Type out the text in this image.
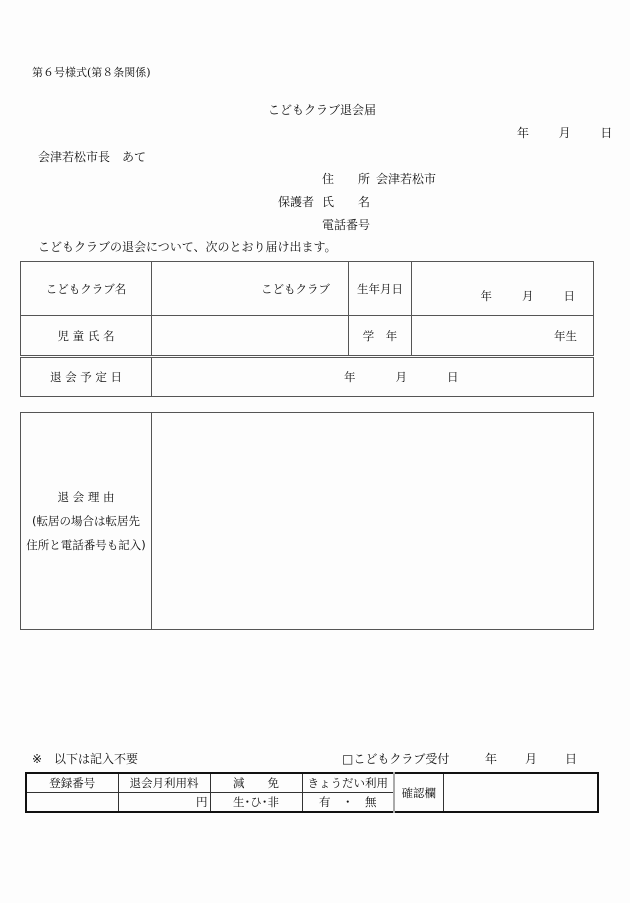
第６号様式(第８条関係)
こどもクラブ退会届
年 月 日
会津若松市長　あて
住　　所 会津若松市
保護者 氏　　名
電話番号
こどもクラブの退会について、次のとおり届け出ます。
こどもクラブ名	こどもクラブ	生年月日	年 月 日
児 童 氏 名		学　年	年生
退 会 予 定 日	年	月	日
退 会 理 由
(転居の場合は転居先
住所と電話番号も記入)

※　以下は記入不要	□こどもクラブ受付	年 月 日
登録番号	退会月利用料	減　　免	きょうだい利用	確認欄	
	円	生･ひ･非	有　・　無		
